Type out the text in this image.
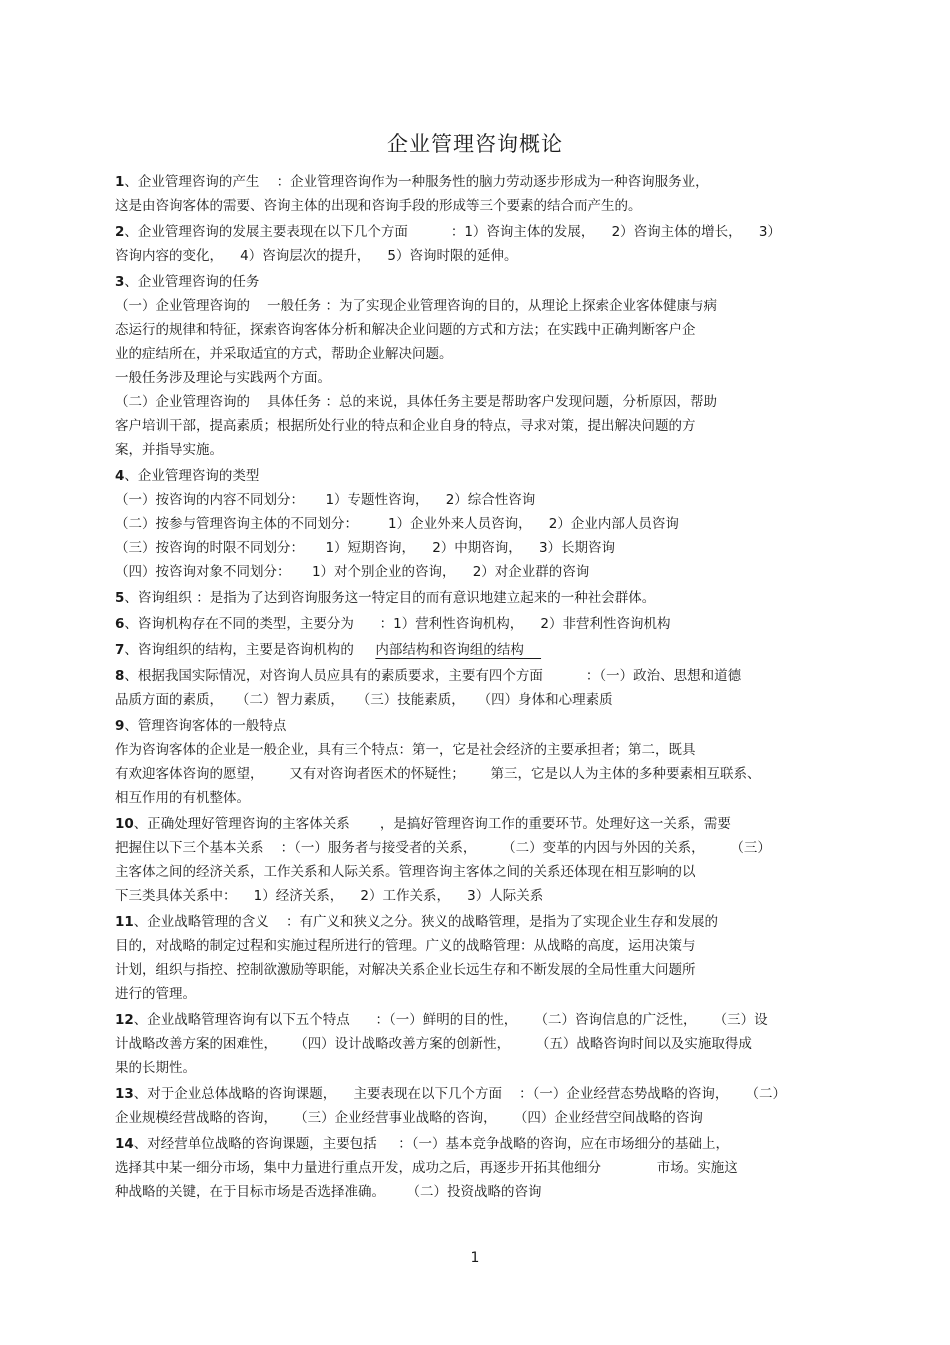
企业管理咨询概论
1、企业管理咨询的产生    ：企业管理咨询作为一种服务性的脑力劳动逐步形成为一种咨询服务业，
这是由咨询客体的需要、咨询主体的出现和咨询手段的形成等三个要素的结合而产生的。
2、企业管理咨询的发展主要表现在以下几个方面          ：1）咨询主体的发展，    2）咨询主体的增长，    3）
咨询内容的变化，    4）咨询层次的提升，    5）咨询时限的延伸。
3、企业管理咨询的任务
（一）企业管理咨询的    一般任务 ：为了实现企业管理咨询的目的，从理论上探索企业客体健康与病
态运行的规律和特征，探索咨询客体分析和解决企业问题的方式和方法；在实践中正确判断客户企
业的症结所在，并采取适宜的方式，帮助企业解决问题。
一般任务涉及理论与实践两个方面。
（二）企业管理咨询的    具体任务 ：总的来说，具体任务主要是帮助客户发现问题，分析原因，帮助
客户培训干部，提高素质；根据所处行业的特点和企业自身的特点，寻求对策，提出解决问题的方
案，并指导实施。
4、企业管理咨询的类型
（一）按咨询的内容不同划分：     1）专题性咨询，    2）综合性咨询
（二）按参与管理咨询主体的不同划分：       1）企业外来人员咨询，    2）企业内部人员咨询
（三）按咨询的时限不同划分：     1）短期咨询，    2）中期咨询，    3）长期咨询
（四）按咨询对象不同划分：     1）对个别企业的咨询，    2）对企业群的咨询
5、咨询组织 ：是指为了达到咨询服务这一特定目的而有意识地建立起来的一种社会群体。
6、咨询机构存在不同的类型，主要分为      ：1）营利性咨询机构，    2）非营利性咨询机构
7、咨询组织的结构，主要是咨询机构的     内部结构和咨询组的结构
8、根据我国实际情况，对咨询人员应具有的素质要求，主要有四个方面          ：（一）政治、思想和道德
品质方面的素质，   （二）智力素质，   （三）技能素质，   （四）身体和心理素质
9、管理咨询客体的一般特点
作为咨询客体的企业是一般企业，具有三个特点：第一，它是社会经济的主要承担者；第二，既具
有欢迎客体咨询的愿望，      又有对咨询者医术的怀疑性；      第三，它是以人为主体的多种要素相互联系、
相互作用的有机整体。
10、正确处理好管理咨询的主客体关系       ，是搞好管理咨询工作的重要环节。处理好这一关系，需要
把握住以下三个基本关系    ：（一）服务者与接受者的关系，      （二）变革的内因与外因的关系，      （三）
主客体之间的经济关系，工作关系和人际关系。管理咨询主客体之间的关系还体现在相互影响的以
下三类具体关系中：    1）经济关系，    2）工作关系，    3）人际关系
11、企业战略管理的含义    ：有广义和狭义之分。狭义的战略管理，是指为了实现企业生存和发展的
目的，对战略的制定过程和实施过程所进行的管理。广义的战略管理：从战略的高度，运用决策与
计划，组织与指控、控制欲激励等职能，对解决关系企业长远生存和不断发展的全局性重大问题所
进行的管理。
12、企业战略管理咨询有以下五个特点      ：（一）鲜明的目的性，    （二）咨询信息的广泛性，    （三）设
计战略改善方案的困难性，    （四）设计战略改善方案的创新性，      （五）战略咨询时间以及实施取得成
果的长期性。
13、对于企业总体战略的咨询课题，    主要表现在以下几个方面    ：（一）企业经营态势战略的咨询，    （二）
企业规模经营战略的咨询，    （三）企业经营事业战略的咨询，    （四）企业经营空间战略的咨询
14、对经营单位战略的咨询课题，主要包括     ：（一）基本竞争战略的咨询，应在市场细分的基础上，
选择其中某一细分市场，集中力量进行重点开发，成功之后，再逐步开拓其他细分             市场。实施这
种战略的关键，在于目标市场是否选择准确。     （二）投资战略的咨询
1
